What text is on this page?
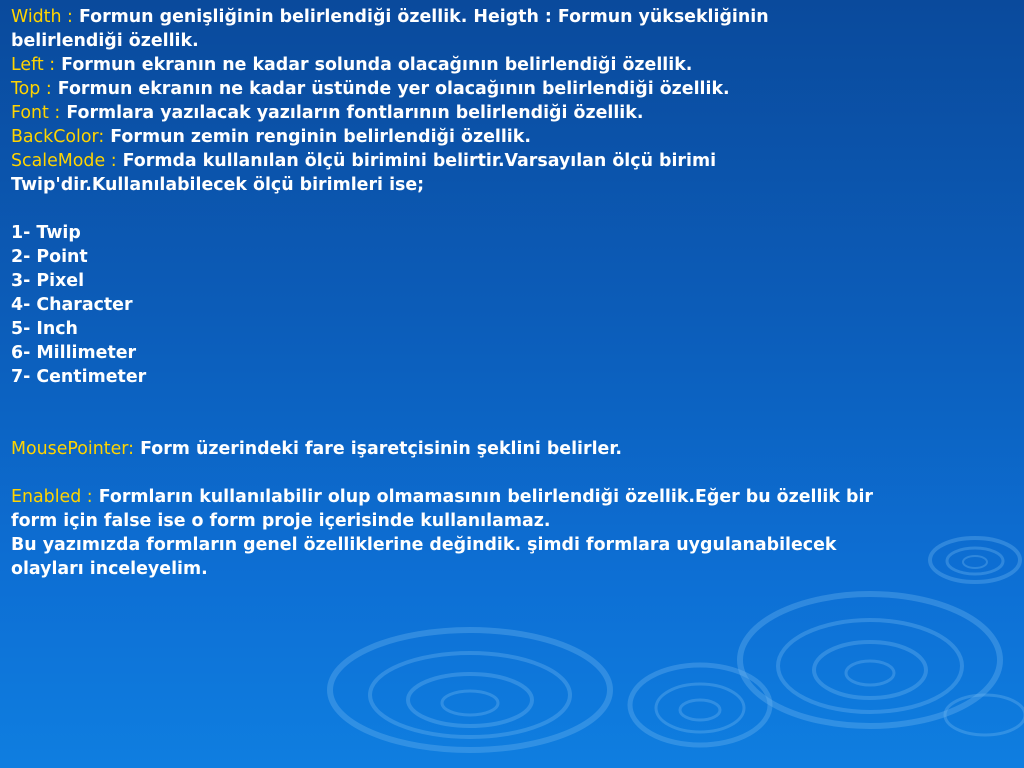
Width : Formun genişliğinin belirlendiği özellik. Heigth : Formun yüksekliğinin
belirlendiği özellik.
Left : Formun ekranın ne kadar solunda olacağının belirlendiği özellik.
Top : Formun ekranın ne kadar üstünde yer olacağının belirlendiği özellik.
Font : Formlara yazılacak yazıların fontlarının belirlendiği özellik.
BackColor: Formun zemin renginin belirlendiği özellik.
ScaleMode : Formda kullanılan ölçü birimini belirtir.Varsayılan ölçü birimi
Twip'dir.Kullanılabilecek ölçü birimleri ise;
1- Twip
2- Point
3- Pixel
4- Character
5- Inch
6- Millimeter
7- Centimeter
MousePointer: Form üzerindeki fare işaretçisinin şeklini belirler.
Enabled : Formların kullanılabilir olup olmamasının belirlendiği özellik.Eğer bu özellik bir
form için false ise o form proje içerisinde kullanılamaz.
Bu yazımızda formların genel özelliklerine değindik. şimdi formlara uygulanabilecek
olayları inceleyelim.
